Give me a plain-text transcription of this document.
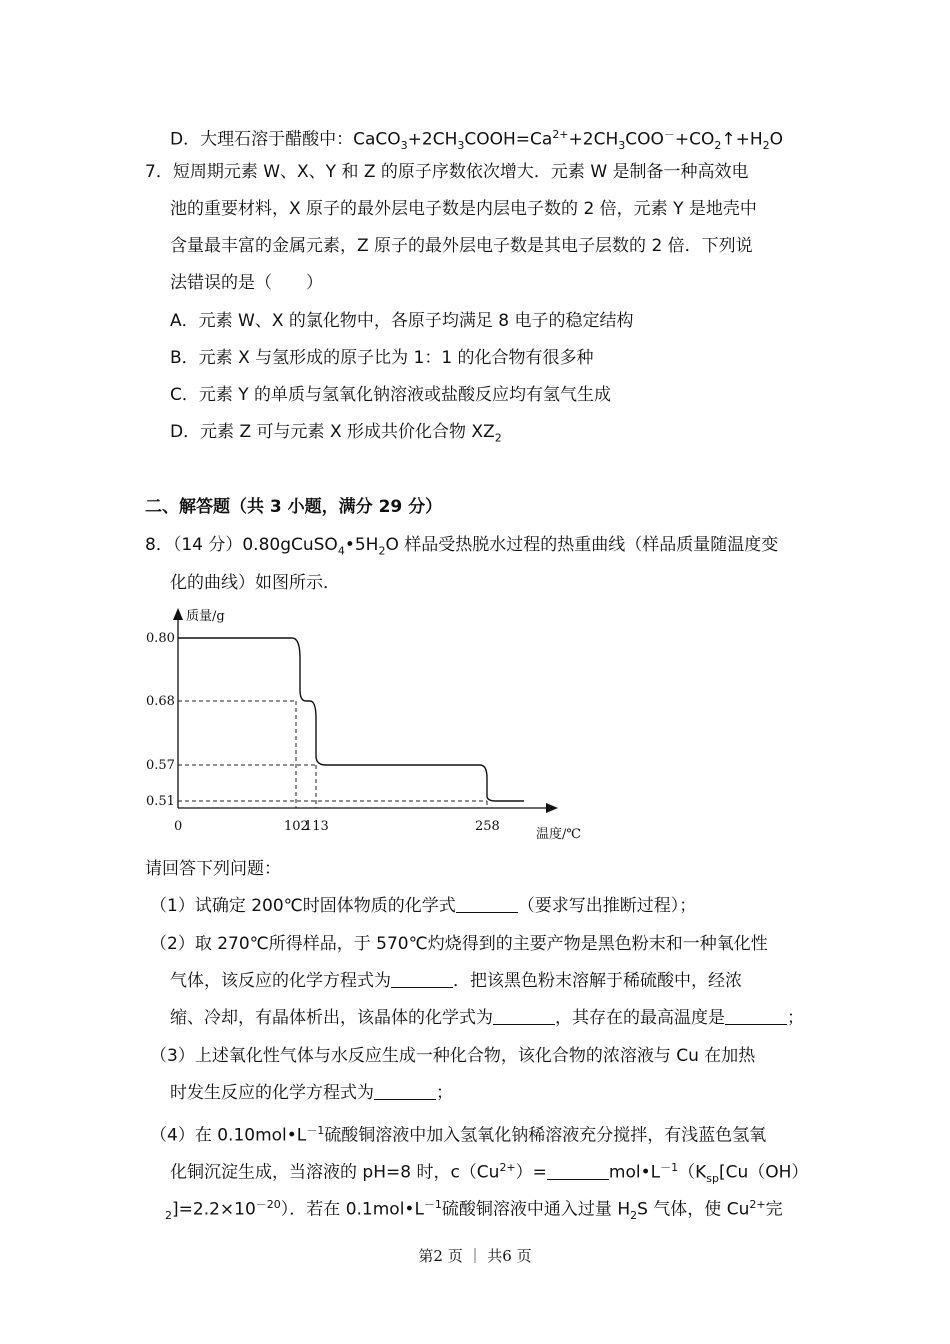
D．大理石溶于醋酸中：$CaCO_3+2CH_3COOH=Ca^{2+}+2CH_3COO^-+CO_2↑+H_2O$
7．短周期元素 W、X、Y 和 Z 的原子序数依次增大．元素 W 是制备一种高效电
池的重要材料，X 原子的最外层电子数是内层电子数的 2 倍，元素 Y 是地壳中
含量最丰富的金属元素，Z 原子的最外层电子数是其电子层数的 2 倍．下列说
法错误的是（　　）
A．元素 W、X 的氯化物中，各原子均满足 8 电子的稳定结构
B．元素 X 与氢形成的原子比为 1：1 的化合物有很多种
C．元素 Y 的单质与氢氧化钠溶液或盐酸反应均有氢气生成
D．元素 Z 可与元素 X 形成共价化合物 $XZ_2$
二、解答题（共 3 小题，满分 29 分）
8．（14 分）$0.80gCuSO_4•5H_2O$ 样品受热脱水过程的热重曲线（样品质量随温度变
化的曲线）如图所示．
0.80
0.68
0.57
0.51
102
113	258
0
质量/g
温度/℃
请回答下列问题：
（1）试确定 200℃时固体物质的化学式	（要求写出推断过程）；
（2）取 270℃所得样品，于 570℃灼烧得到的主要产物是黑色粉末和一种氧化性
气体，该反应的化学方程式为	．把该黑色粉末溶解于稀硫酸中，经浓
缩、冷却，有晶体析出，该晶体的化学式为	，其存在的最高温度是	；
（3）上述氧化性气体与水反应生成一种化合物，该化合物的浓溶液与 Cu 在加热
时发生反应的化学方程式为	；
（4）在 $0.10mol•L^{-1}$硫酸铜溶液中加入氢氧化钠稀溶液充分搅拌，有浅蓝色氢氧
化铜沉淀生成，当溶液的 pH=8 时，$c(Cu^{2+})=$	$mol•L^{-1}(K_{sp}[Cu(OH)$
$_2]=2.2\times 10^{-20}$）．若在 $0.1mol•L^{-1}$硫酸铜溶液中通入过量 $H_2S$ 气体，使 $Cu^{2+}$完
第2 页 ｜ 共6 页
